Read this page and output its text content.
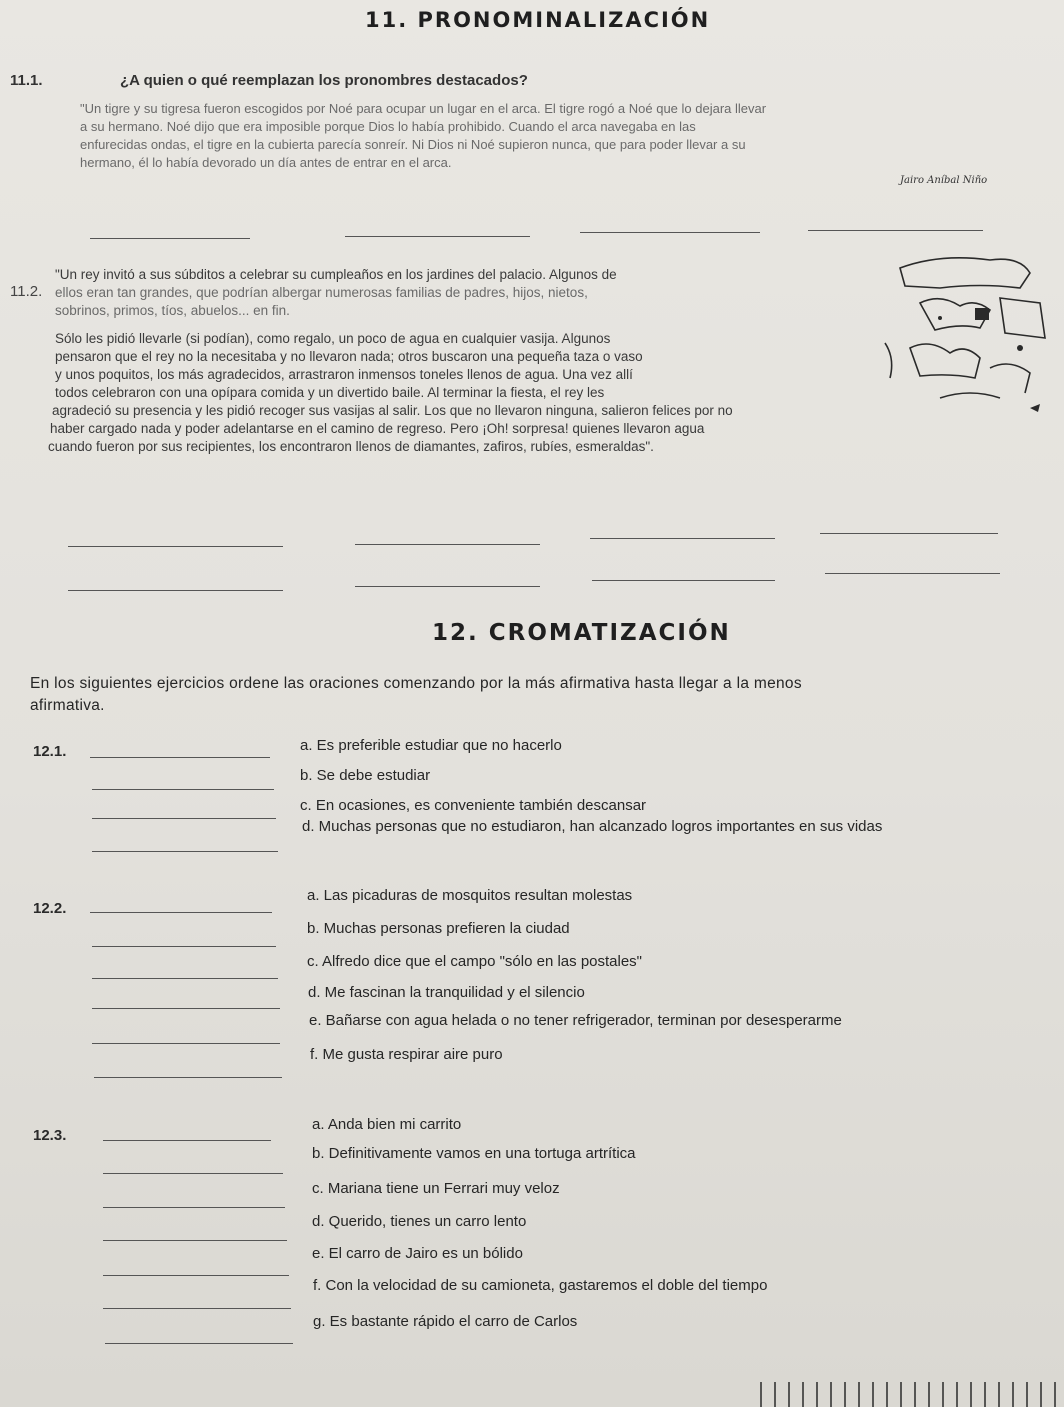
11. PRONOMINALIZACIÓN
11.1.	¿A quien o qué reemplazan los pronombres destacados?
"Un tigre y su tigresa fueron escogidos por Noé para ocupar un lugar en el arca. El tigre rogó a Noé que lo dejara llevar
a su hermano. Noé dijo que era imposible porque Dios lo había prohibido. Cuando el arca navegaba en las
enfurecidas ondas, el tigre en la cubierta parecía sonreír. Ni Dios ni Noé supieron nunca, que para poder llevar a su
hermano, él lo había devorado un día antes de entrar en el arca.
Jairo Aníbal Niño
11.2.
"Un rey invitó a sus súbditos a celebrar su cumpleaños en los jardines del palacio. Algunos de
ellos eran tan grandes, que podrían albergar numerosas familias de padres, hijos, nietos,
sobrinos, primos, tíos, abuelos... en fin.
Sólo les pidió llevarle (si podían), como regalo, un poco de agua en cualquier vasija. Algunos
pensaron que el rey no la necesitaba y no llevaron nada; otros buscaron una pequeña taza o vaso
y unos poquitos, los más agradecidos, arrastraron inmensos toneles llenos de agua. Una vez allí
todos celebraron con una opípara comida y un divertido baile. Al terminar la fiesta, el rey les
agradeció su presencia y les pidió recoger sus vasijas al salir. Los que no llevaron ninguna, salieron felices por no
haber cargado nada y poder adelantarse en el camino de regreso. Pero ¡Oh! sorpresa! quienes llevaron agua
cuando fueron por sus recipientes, los encontraron llenos de diamantes, zafiros, rubíes, esmeraldas".
12. CROMATIZACIÓN
En los siguientes ejercicios ordene las oraciones comenzando por la más afirmativa hasta llegar a la menos
afirmativa.
12.1.	a. Es preferible estudiar que no hacerlo
b. Se debe estudiar
c. En ocasiones, es conveniente también descansar
d. Muchas personas que no estudiaron, han alcanzado logros importantes en sus vidas
12.2.
a. Las picaduras de mosquitos resultan molestas
b. Muchas personas prefieren la ciudad
c. Alfredo dice que el campo "sólo en las postales"
d. Me fascinan la tranquilidad y el silencio
e. Bañarse con agua helada o no tener refrigerador, terminan por desesperarme
f. Me gusta respirar aire puro
12.3.
a. Anda bien mi carrito
b. Definitivamente vamos en una tortuga artrítica
c. Mariana tiene un Ferrari muy veloz
d. Querido, tienes un carro lento
e. El carro de Jairo es un bólido
f. Con la velocidad de su camioneta, gastaremos el doble del tiempo
g. Es bastante rápido el carro de Carlos
